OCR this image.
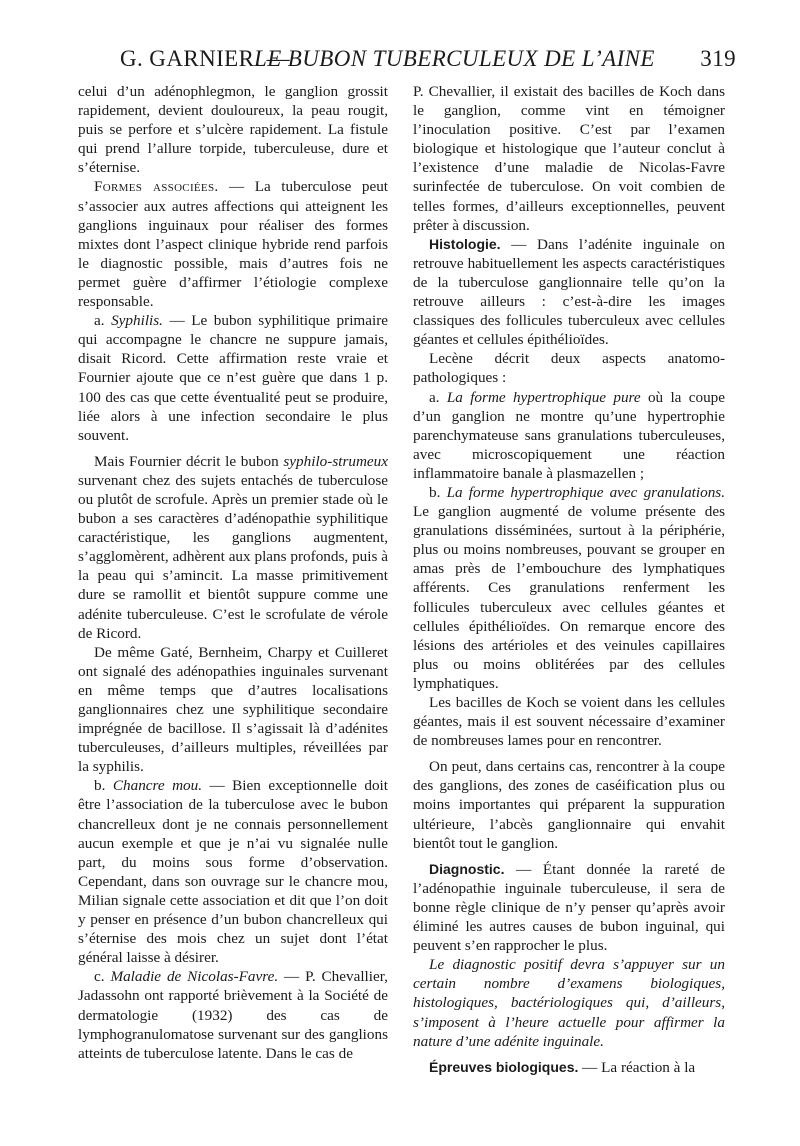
G. GARNIER. —
LE BUBON TUBERCULEUX DE L’AINE 319

celui d’un adénophlegmon, le ganglion grossit rapidement, devient douloureux, la peau rougit, puis se perfore et s’ulcère rapidement. La fistule qui prend l’allure torpide, tuberculeuse, dure et s’éternise.

Formes associées. — La tuberculose peut s’associer aux autres affections qui atteignent les ganglions inguinaux pour réaliser des formes mixtes dont l’aspect clinique hybride rend parfois le diagnostic possible, mais d’autres fois ne permet guère d’affirmer l’étiologie complexe responsable.

a. Syphilis. — Le bubon syphilitique primaire qui accompagne le chancre ne suppure jamais, disait Ricord. Cette affirmation reste vraie et Fournier ajoute que ce n’est guère que dans 1 p. 100 des cas que cette éventualité peut se produire, liée alors à une infection secondaire le plus souvent.

Mais Fournier décrit le bubon syphilo-strumeux survenant chez des sujets entachés de tuberculose ou plutôt de scrofule. Après un premier stade où le bubon a ses caractères d’adénopathie syphilitique caractéristique, les ganglions augmentent, s’agglomèrent, adhèrent aux plans profonds, puis à la peau qui s’amincit. La masse primitivement dure se ramollit et bientôt suppure comme une adénite tuberculeuse. C’est le scrofulate de vérole de Ricord.

De même Gaté, Bernheim, Charpy et Cuilleret ont signalé des adénopathies inguinales survenant en même temps que d’autres localisations ganglionnaires chez une syphilitique secondaire imprégnée de bacillose. Il s’agissait là d’adénites tuberculeuses, d’ailleurs multiples, réveillées par la syphilis.

b. Chancre mou. — Bien exceptionnelle doit être l’association de la tuberculose avec le bubon chancrelleux dont je ne connais personnellement aucun exemple et que je n’ai vu signalée nulle part, du moins sous forme d’observation. Cependant, dans son ouvrage sur le chancre mou, Milian signale cette association et dit que l’on doit y penser en présence d’un bubon chancrelleux qui s’éternise des mois chez un sujet dont l’état général laisse à désirer.

c. Maladie de Nicolas-Favre. — P. Chevallier, Jadassohn ont rapporté brièvement à la Société de dermatologie (1932) des cas de lymphogranulomatose survenant sur des ganglions atteints de tuberculose latente. Dans le cas de

P. Chevallier, il existait des bacilles de Koch dans le ganglion, comme vint en témoigner l’inoculation positive. C’est par l’examen biologique et histologique que l’auteur conclut à l’existence d’une maladie de Nicolas-Favre surinfectée de tuberculose. On voit combien de telles formes, d’ailleurs exceptionnelles, peuvent prêter à discussion.

Histologie. — Dans l’adénite inguinale on retrouve habituellement les aspects caractéristiques de la tuberculose ganglionnaire telle qu’on la retrouve ailleurs : c’est-à-dire les images classiques des follicules tuberculeux avec cellules géantes et cellules épithélioïdes.

Lecène décrit deux aspects anatomo-pathologiques :

a. La forme hypertrophique pure où la coupe d’un ganglion ne montre qu’une hypertrophie parenchymateuse sans granulations tuberculeuses, avec microscopiquement une réaction inflammatoire banale à plasmazellen ;

b. La forme hypertrophique avec granulations. Le ganglion augmenté de volume présente des granulations disséminées, surtout à la périphérie, plus ou moins nombreuses, pouvant se grouper en amas près de l’embouchure des lymphatiques afférents. Ces granulations renferment les follicules tuberculeux avec cellules géantes et cellules épithélioïdes. On remarque encore des lésions des artérioles et des veinules capillaires plus ou moins oblitérées par des cellules lymphatiques.

Les bacilles de Koch se voient dans les cellules géantes, mais il est souvent nécessaire d’examiner de nombreuses lames pour en rencontrer.

On peut, dans certains cas, rencontrer à la coupe des ganglions, des zones de caséification plus ou moins importantes qui préparent la suppuration ultérieure, l’abcès ganglionnaire qui envahit bientôt tout le ganglion.

Diagnostic. — Étant donnée la rareté de l’adénopathie inguinale tuberculeuse, il sera de bonne règle clinique de n’y penser qu’après avoir éliminé les autres causes de bubon inguinal, qui peuvent s’en rapprocher le plus.

Le diagnostic positif devra s’appuyer sur un certain nombre d’examens biologiques, histologiques, bactériologiques qui, d’ailleurs, s’imposent à l’heure actuelle pour affirmer la nature d’une adénite inguinale.

Épreuves biologiques. — La réaction à la
